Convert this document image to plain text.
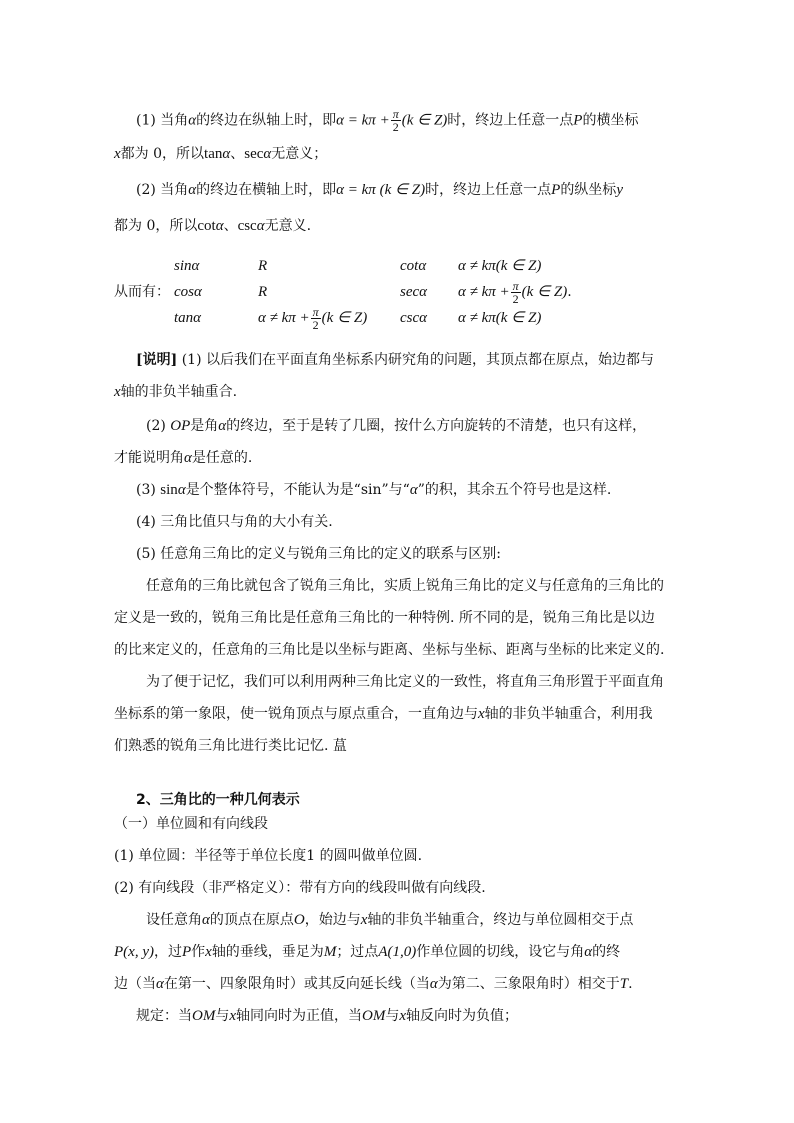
(1) 当角α的终边在纵轴上时，即$\alpha = k\pi + \frac{\pi}{2} (k$ ∈ Z)时，终边上任意一点P的横坐标
x都为 0，所以tanα、secα无意义；
(2) 当角α的终边在横轴上时，即α = kπ (k ∈ Z)时，终边上任意一点P的纵坐标y
都为 0，所以cotα、cscα无意义.
从而有：
sinα	R	cotα α ≠ kπ(k ∈ Z)
cosα	R	secα $\alpha \ne k\pi + \frac{\pi}{2} (k$ ∈ Z).
tanα	$\alpha \ne k\pi + \frac{\pi}{2} (k$ ∈ Z) cscα α ≠ kπ(k ∈ Z)
[说明] (1) 以后我们在平面直角坐标系内研究角的问题，其顶点都在原点，始边都与
x轴的非负半轴重合.
(2) OP是角α的终边，至于是转了几圈，按什么方向旋转的不清楚，也只有这样，
才能说明角α是任意的.
(3) sinα是个整体符号，不能认为是“sin”与“α”的积，其余五个符号也是这样.
(4) 三角比值只与角的大小有关.
(5) 任意角三角比的定义与锐角三角比的定义的联系与区别:
任意角的三角比就包含了锐角三角比，实质上锐角三角比的定义与任意角的三角比的
定义是一致的，锐角三角比是任意角三角比的一种特例. 所不同的是，锐角三角比是以边
的比来定义的，任意角的三角比是以坐标与距离、坐标与坐标、距离与坐标的比来定义的.
为了便于记忆，我们可以利用两种三角比定义的一致性，将直角三角形置于平面直角
坐标系的第一象限，使一锐角顶点与原点重合，一直角边与x轴的非负半轴重合，利用我
们熟悉的锐角三角比进行类比记忆. 蒀
2、三角比的一种几何表示
（一）单位圆和有向线段
(1) 单位圆：半径等于单位长度1 的圆叫做单位圆.
(2) 有向线段（非严格定义）：带有方向的线段叫做有向线段.
设任意角α的顶点在原点O，始边与x轴的非负半轴重合，终边与单位圆相交于点
P(x, y)，过P作x轴的垂线，垂足为M；过点A(1,0)作单位圆的切线，设它与角α的终
边（当α在第一、四象限角时）或其反向延长线（当α为第二、三象限角时）相交于T.
规定：当OM与x轴同向时为正值，当OM与x轴反向时为负值；
